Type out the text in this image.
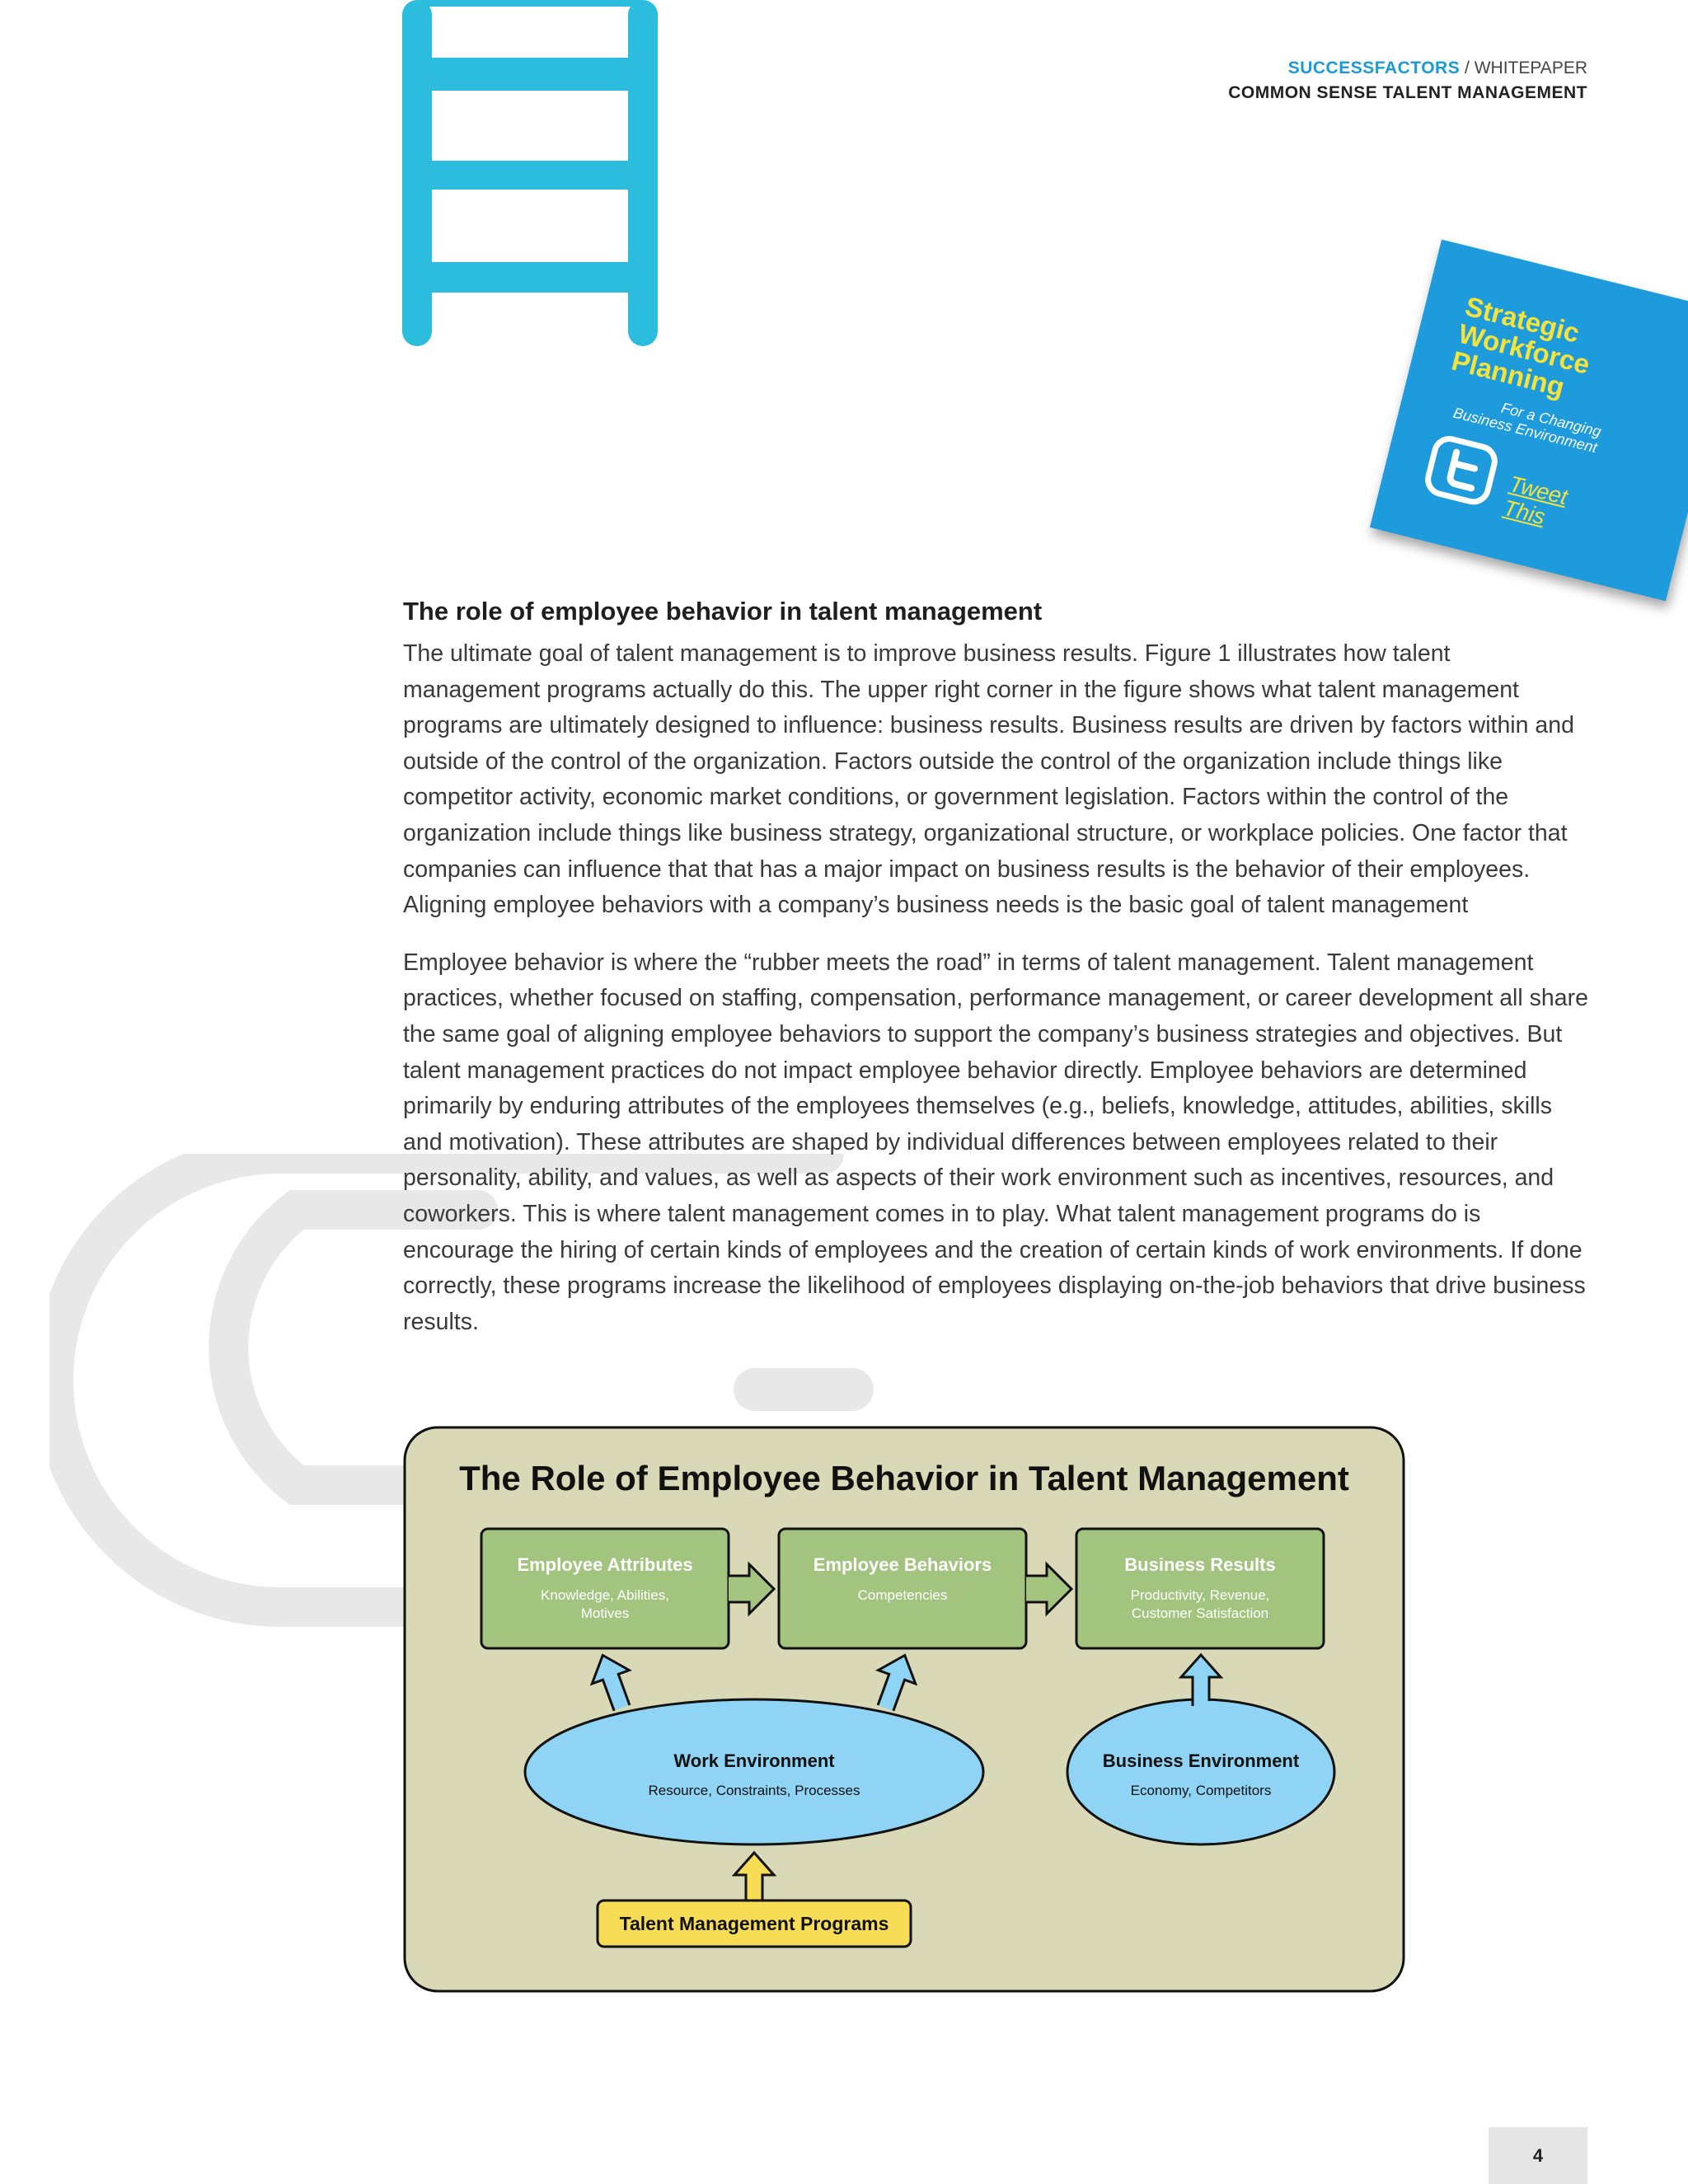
SUCCESSFACTORS / WHITEPAPER
COMMON SENSE TALENT MANAGEMENT
Strategic Workforce Planning
For a Changing Business Environment
Tweet This
The role of employee behavior in talent management

The ultimate goal of talent management is to improve business results. Figure 1 illustrates how talent management programs actually do this. The upper right corner in the figure shows what talent management programs are ultimately designed to influence: business results. Business results are driven by factors within and outside of the control of the organization. Factors outside the control of the organization include things like competitor activity, economic market conditions, or government legislation. Factors within the control of the organization include things like business strategy, organizational structure, or workplace policies. One factor that companies can influence that that has a major impact on business results is the behavior of their employees. Aligning employee behaviors with a company’s business needs is the basic goal of talent management

Employee behavior is where the “rubber meets the road” in terms of talent management. Talent management practices, whether focused on staffing, compensation, performance management, or career development all share the same goal of aligning employee behaviors to support the company’s business strategies and objectives. But talent management practices do not impact employee behavior directly. Employee behaviors are determined primarily by enduring attributes of the employees themselves (e.g., beliefs, knowledge, attitudes, abilities, skills and motivation). These attributes are shaped by individual differences between employees related to their personality, ability, and values, as well as aspects of their work environment such as incentives, resources, and coworkers. This is where talent management comes in to play. What talent management programs do is encourage the hiring of certain kinds of employees and the creation of certain kinds of work environments. If done correctly, these programs increase the likelihood of employees displaying on-the-job behaviors that drive business results.

The Role of Employee Behavior in Talent Management
Employee Attributes
Knowledge, Abilities,
Motives
Employee Behaviors
Competencies
Business Results
Productivity, Revenue,
Customer Satisfaction
Work Environment
Resource, Constraints, Processes
Business Environment
Economy, Competitors
Talent Management Programs
4
